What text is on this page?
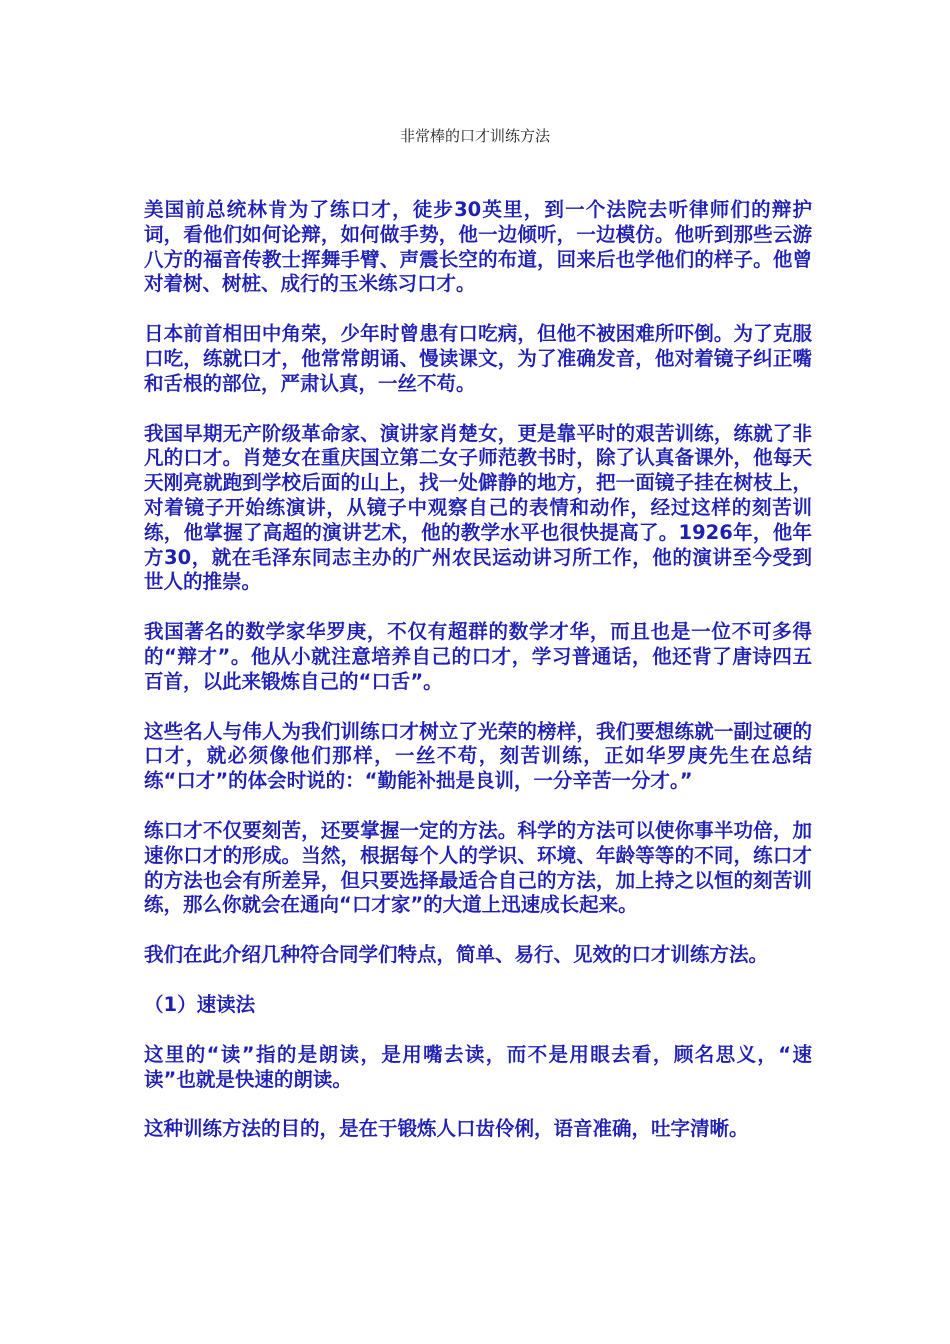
非常棒的口才训练方法

美国前总统林肯为了练口才，徒步30英里，到一个法院去听律师们的辩护词，看他们如何论辩，如何做手势，他一边倾听，一边模仿。他听到那些云游八方的福音传教士挥舞手臂、声震长空的布道，回来后也学他们的样子。他曾对着树、树桩、成行的玉米练习口才。

日本前首相田中角荣，少年时曾患有口吃病，但他不被困难所吓倒。为了克服口吃，练就口才，他常常朗诵、慢读课文，为了准确发音，他对着镜子纠正嘴和舌根的部位，严肃认真，一丝不苟。

我国早期无产阶级革命家、演讲家肖楚女，更是靠平时的艰苦训练，练就了非凡的口才。肖楚女在重庆国立第二女子师范教书时，除了认真备课外，他每天天刚亮就跑到学校后面的山上，找一处僻静的地方，把一面镜子挂在树枝上，对着镜子开始练演讲，从镜子中观察自己的表情和动作，经过这样的刻苦训练，他掌握了高超的演讲艺术，他的教学水平也很快提高了。1926年，他年方30，就在毛泽东同志主办的广州农民运动讲习所工作，他的演讲至今受到世人的推崇。

我国著名的数学家华罗庚，不仅有超群的数学才华，而且也是一位不可多得的“辩才”。他从小就注意培养自己的口才，学习普通话，他还背了唐诗四五百首，以此来锻炼自己的“口舌”。

这些名人与伟人为我们训练口才树立了光荣的榜样，我们要想练就一副过硬的口才，就必须像他们那样，一丝不苟，刻苦训练，正如华罗庚先生在总结练“口才”的体会时说的：“勤能补拙是良训，一分辛苦一分才。”

练口才不仅要刻苦，还要掌握一定的方法。科学的方法可以使你事半功倍，加速你口才的形成。当然，根据每个人的学识、环境、年龄等等的不同，练口才的方法也会有所差异，但只要选择最适合自己的方法，加上持之以恒的刻苦训练，那么你就会在通向“口才家”的大道上迅速成长起来。

我们在此介绍几种符合同学们特点，简单、易行、见效的口才训练方法。

（1）速读法

这里的“读”指的是朗读，是用嘴去读，而不是用眼去看，顾名思义，“速读”也就是快速的朗读。

这种训练方法的目的，是在于锻炼人口齿伶俐，语音准确，吐字清晰。
